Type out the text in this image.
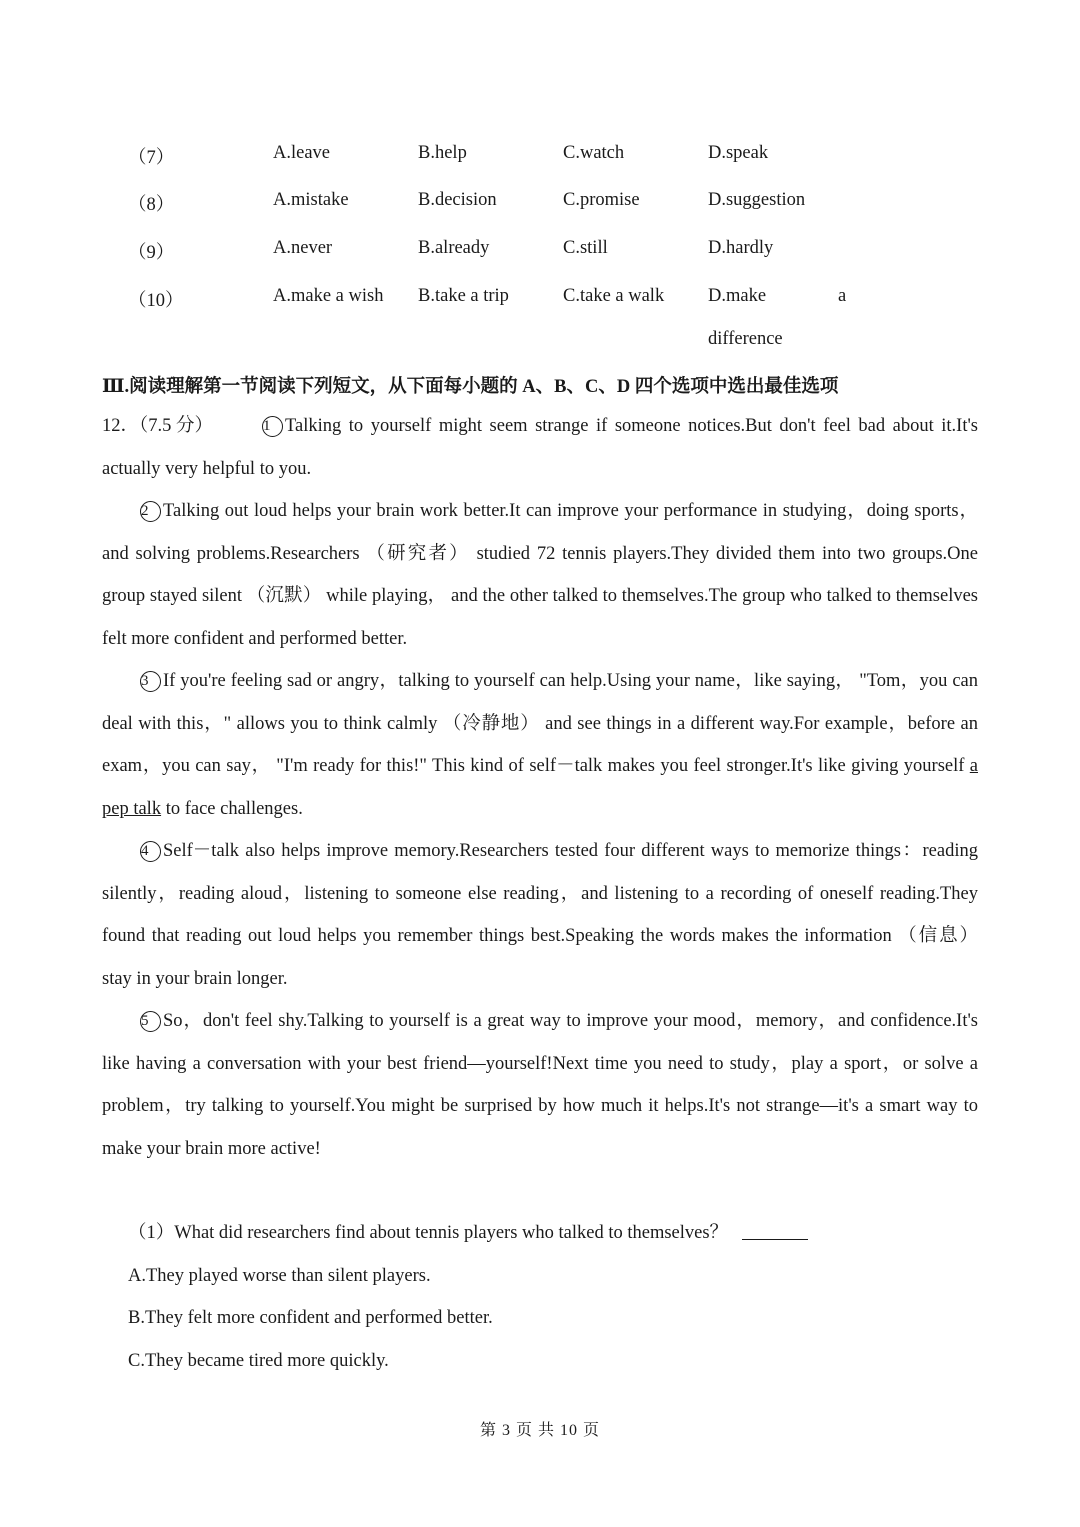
（7）	A.leave	B.help	C.watch	D.speak
（8）	A.mistake	B.decision	C.promise	D.suggestion
（9）	A.never	B.already	C.still	D.hardly
（10）	A.make a wish B.take a trip	C.take a walk D.make	a
difference
Ⅲ.阅读理解第一节阅读下列短文，从下面每小题的 A、B、C、D 四个选项中选出最佳选项

12．（7.5 分）	1 Talking to yourself might seem strange if someone notices.But don't feel bad about it.It's actually very helpful to you.

2 Talking out loud helps your brain work better.It can improve your performance in studying，doing sports，and solving problems.Researchers （研究者） studied 72 tennis players.They divided them into two groups.One group stayed silent （沉默） while playing， and the other talked to themselves.The group who talked to themselves felt more confident and performed better.

3 If you're feeling sad or angry，talking to yourself can help.Using your name，like saying， "Tom，you can deal with this，" allows you to think calmly （冷静地） and see things in a different way.For example，before an exam，you can say， "I'm ready for this!" This kind of self－talk makes you feel stronger.It's like giving yourself a pep talk to face challenges.

4 Self－talk also helps improve memory.Researchers tested four different ways to memorize things：reading silently，reading aloud，listening to someone else reading，and listening to a recording of oneself reading.They found that reading out loud helps you remember things best.Speaking the words makes the information （信息） stay in your brain longer.

5 So，don't feel shy.Talking to yourself is a great way to improve your mood，memory，and confidence.It's like having a conversation with your best friend—yourself!Next time you need to study，play a sport，or solve a problem，try talking to yourself.You might be surprised by how much it helps.It's not strange—it's a smart way to make your brain more active!

（1）What did researchers find about tennis players who talked to themselves？

A.They played worse than silent players.

B.They felt more confident and performed better.

C.They became tired more quickly.

第 3 页 共 10 页
